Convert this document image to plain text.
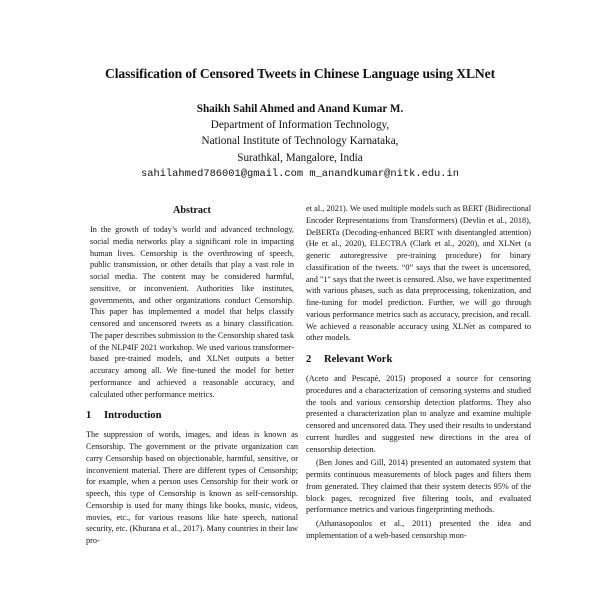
Classification of Censored Tweets in Chinese Language using XLNet
Shaikh Sahil Ahmed and Anand Kumar M.
Department of Information Technology,
National Institute of Technology Karnataka,
Surathkal, Mangalore, India
sahilahmed786001@gmail.com m_anandkumar@nitk.edu.in
Abstract

In the growth of today’s world and advanced technology, social media networks play a significant role in impacting human lives. Censorship is the overthrowing of speech, public transmission, or other details that play a vast role in social media. The content may be considered harmful, sensitive, or inconvenient. Authorities like institutes, governments, and other organizations conduct Censorship. This paper has implemented a model that helps classify censored and uncensored tweets as a binary classification. The paper describes submission to the Censorship shared task of the NLP4IF 2021 workshop. We used various transformer-based pre-trained models, and XLNet outputs a better accuracy among all. We fine-tuned the model for better performance and achieved a reasonable accuracy, and calculated other performance metrics.

1 Introduction

The suppression of words, images, and ideas is known as Censorship. The government or the private organization can carry Censorship based on objectionable, harmful, sensitive, or inconvenient material. There are different types of Censorship; for example, when a person uses Censorship for their work or speech, this type of Censorship is known as self-censorship. Censorship is used for many things like books, music, videos, movies, etc., for various reasons like hate speech, national security, etc. (Khurana et al., 2017). Many countries in their law pro-

et al., 2021). We used multiple models such as BERT (Bidirectional Encoder Representations from Transformers) (Devlin et al., 2018), DeBERTa (Decoding-enhanced BERT with disentangled attention) (He et al., 2020), ELECTRA (Clark et al., 2020), and XLNet (a generic autoregressive pre-training procedure) for binary classification of the tweets. “0” says that the tweet is uncensored, and "1" says that the tweet is censored. Also, we have experimented with various phases, such as data preprocessing, tokenization, and fine-tuning for model prediction. Further, we will go through various performance metrics such as accuracy, precision, and recall. We achieved a reasonable accuracy using XLNet as compared to other models.

2 Relevant Work

(Aceto and Pescapè, 2015) proposed a source for censoring procedures and a characterization of censoring systems and studied the tools and various censorship detection platforms. They also presented a characterization plan to analyze and examine multiple censored and uncensored data. They used their results to understand current hurdles and suggested new directions in the area of censorship detection.

(Ben Jones and Gill, 2014) presented an automated system that permits continuous measurements of block pages and filters them from generated. They claimed that their system detects 95% of the block pages, recognized five filtering tools, and evaluated performance metrics and various fingerprinting methods.

(Athanasopoulos et al., 2011) presented the idea and implementation of a web-based censorship mon-
